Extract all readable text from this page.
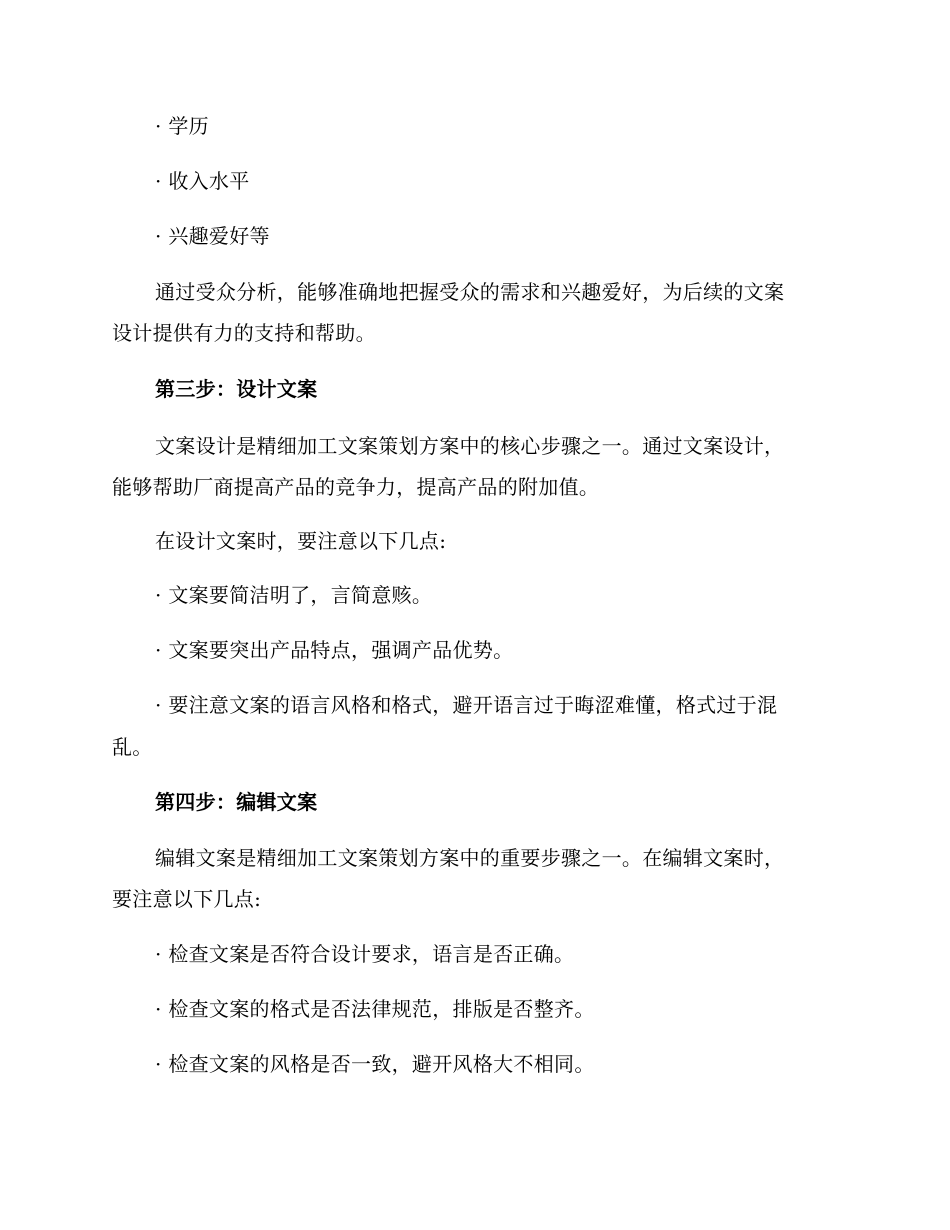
· 学历
· 收入水平
· 兴趣爱好等
通过受众分析，能够准确地把握受众的需求和兴趣爱好，为后续的文案
设计提供有力的支持和帮助。
第三步：设计文案
文案设计是精细加工文案策划方案中的核心步骤之一。通过文案设计，
能够帮助厂商提高产品的竞争力，提高产品的附加值。
在设计文案时，要注意以下几点:
· 文案要简洁明了，言简意赅。
· 文案要突出产品特点，强调产品优势。
· 要注意文案的语言风格和格式，避开语言过于晦涩难懂，格式过于混
乱。
第四步：编辑文案
编辑文案是精细加工文案策划方案中的重要步骤之一。在编辑文案时，
要注意以下几点:
· 检查文案是否符合设计要求，语言是否正确。
· 检查文案的格式是否法律规范，排版是否整齐。
· 检查文案的风格是否一致，避开风格大不相同。
